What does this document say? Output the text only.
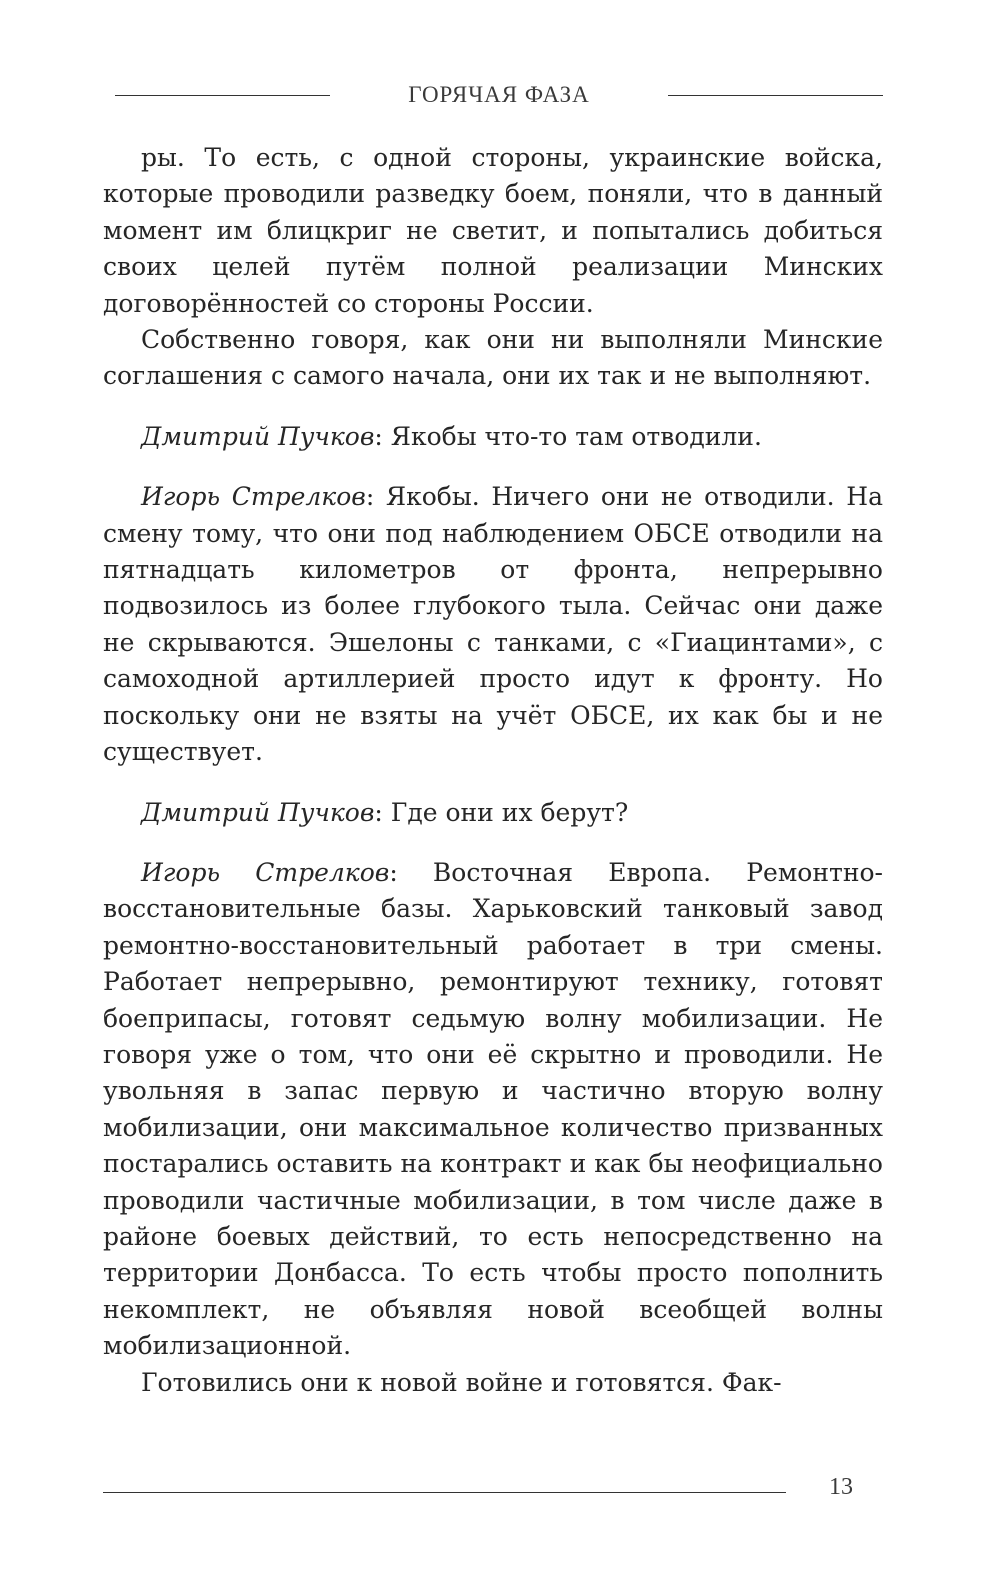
ГОРЯЧАЯ ФАЗА

ры. То есть, с одной стороны, украинские войска, которые проводили разведку боем, поняли, что в данный момент им блицкриг не светит, и попытались добиться своих целей путём полной реализации Минских договорённостей со стороны России.

Собственно говоря, как они ни выполняли Минские соглашения с самого начала, они их так и не выполняют.

Дмитрий Пучков: Якобы что-то там отводили.

Игорь Стрелков: Якобы. Ничего они не отводили. На смену тому, что они под наблюдением ОБСЕ отводили на пятнадцать километров от фронта, непрерывно подвозилось из более глубокого тыла. Сейчас они даже не скрываются. Эшелоны с танками, с «Гиацинтами», с самоходной артиллерией просто идут к фронту. Но поскольку они не взяты на учёт ОБСЕ, их как бы и не существует.

Дмитрий Пучков: Где они их берут?

Игорь Стрелков: Восточная Европа. Ремонтно-восстановительные базы. Харьковский танковый завод ремонтно-восстановительный работает в три смены. Работает непрерывно, ремонтируют технику, готовят боеприпасы, готовят седьмую волну мобилизации. Не говоря уже о том, что они её скрытно и проводили. Не увольняя в запас первую и частично вторую волну мобилизации, они максимальное количество призванных постарались оставить на контракт и как бы неофициально проводили частичные мобилизации, в том числе даже в районе боевых действий, то есть непосредственно на территории Донбасса. То есть чтобы просто пополнить некомплект, не объявляя новой всеобщей волны мобилизационной.

Готовились они к новой войне и готовятся. Фак-

13
